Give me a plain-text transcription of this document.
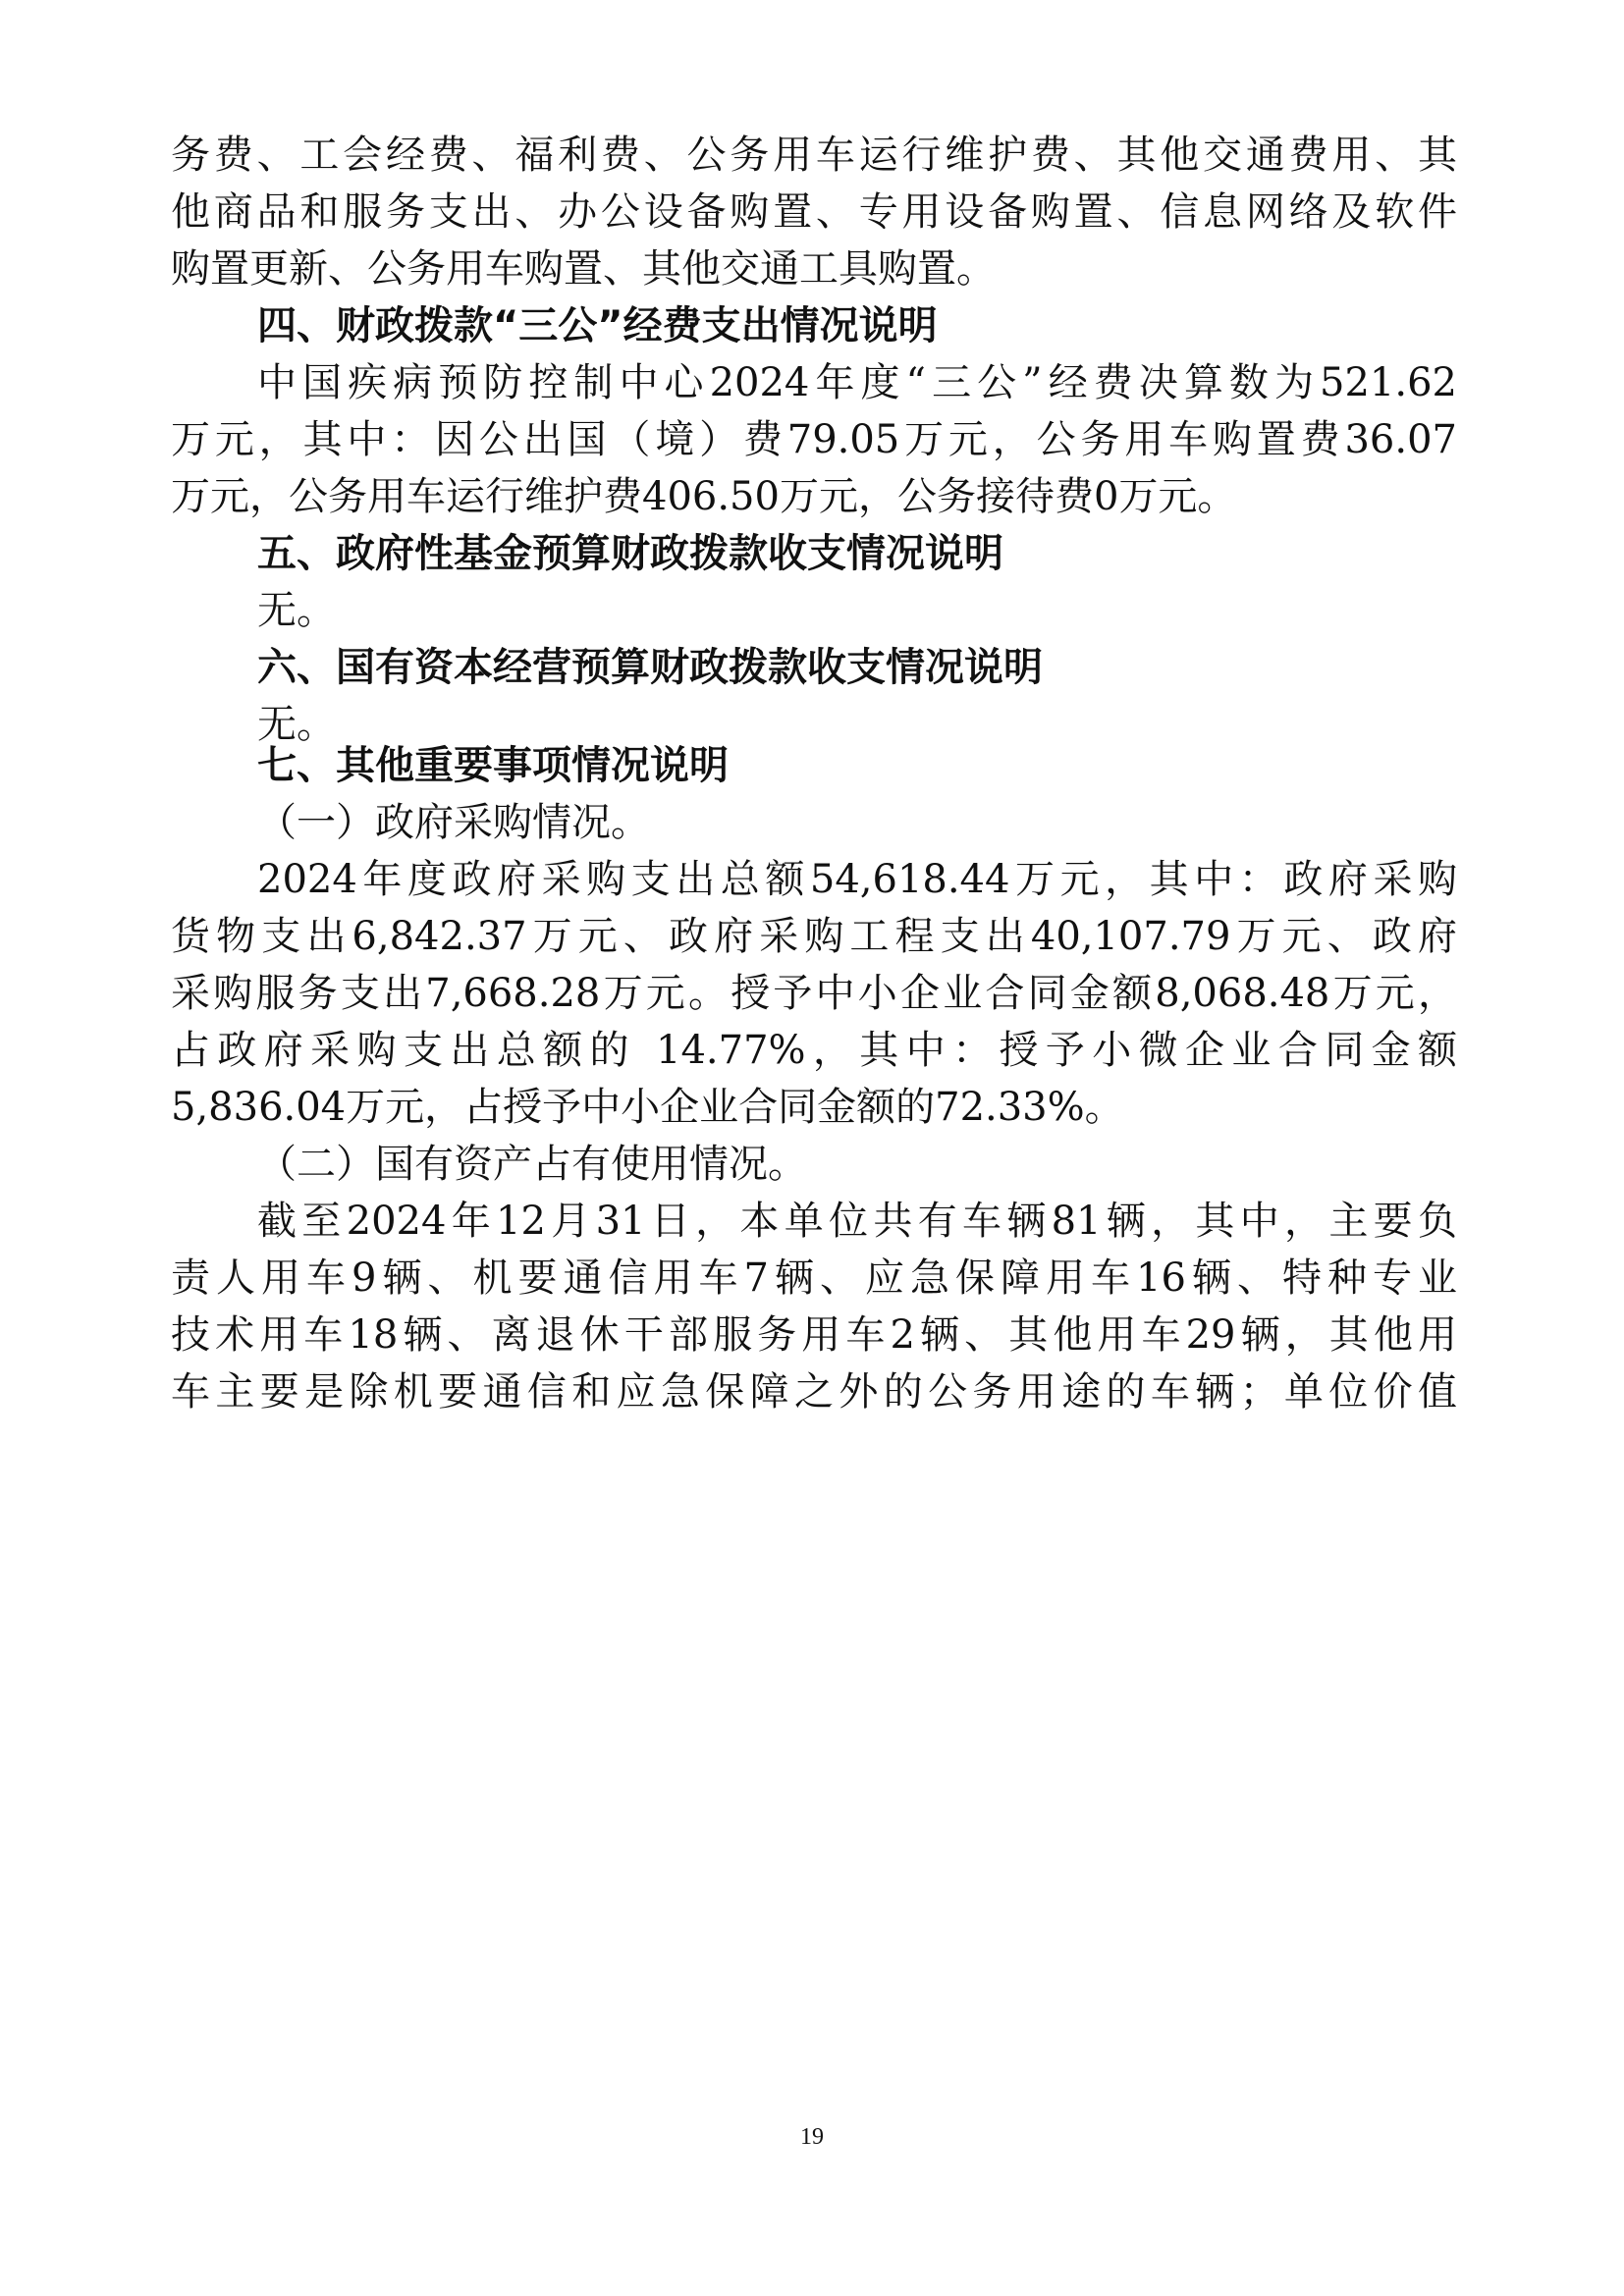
务费、工会经费、福利费、公务用车运行维护费、其他交通费用、其
他商品和服务支出、办公设备购置、专用设备购置、信息网络及软件
购置更新、公务用车购置、其他交通工具购置。
四、财政拨款“三公”经费支出情况说明
中国疾病预防控制中心2024年度“三公”经费决算数为521.62
万元，其中：因公出国（境）费79.05万元，公务用车购置费36.07
万元，公务用车运行维护费406.50万元，公务接待费0万元。
五、政府性基金预算财政拨款收支情况说明
无。
六、国有资本经营预算财政拨款收支情况说明
无。
七、其他重要事项情况说明
（一）政府采购情况。
2024年度政府采购支出总额54,618.44万元，其中：政府采购
货物支出6,842.37万元、政府采购工程支出40,107.79万元、政府
采购服务支出7,668.28万元。授予中小企业合同金额8,068.48万元，
占政府采购支出总额的 14.77%，其中：授予小微企业合同金额
5,836.04万元，占授予中小企业合同金额的72.33%。
（二）国有资产占有使用情况。
截至2024年12月31日，本单位共有车辆81辆，其中，主要负
责人用车9辆、机要通信用车7辆、应急保障用车16辆、特种专业
技术用车18辆、离退休干部服务用车2辆、其他用车29辆，其他用
车主要是除机要通信和应急保障之外的公务用途的车辆；单位价值
19
